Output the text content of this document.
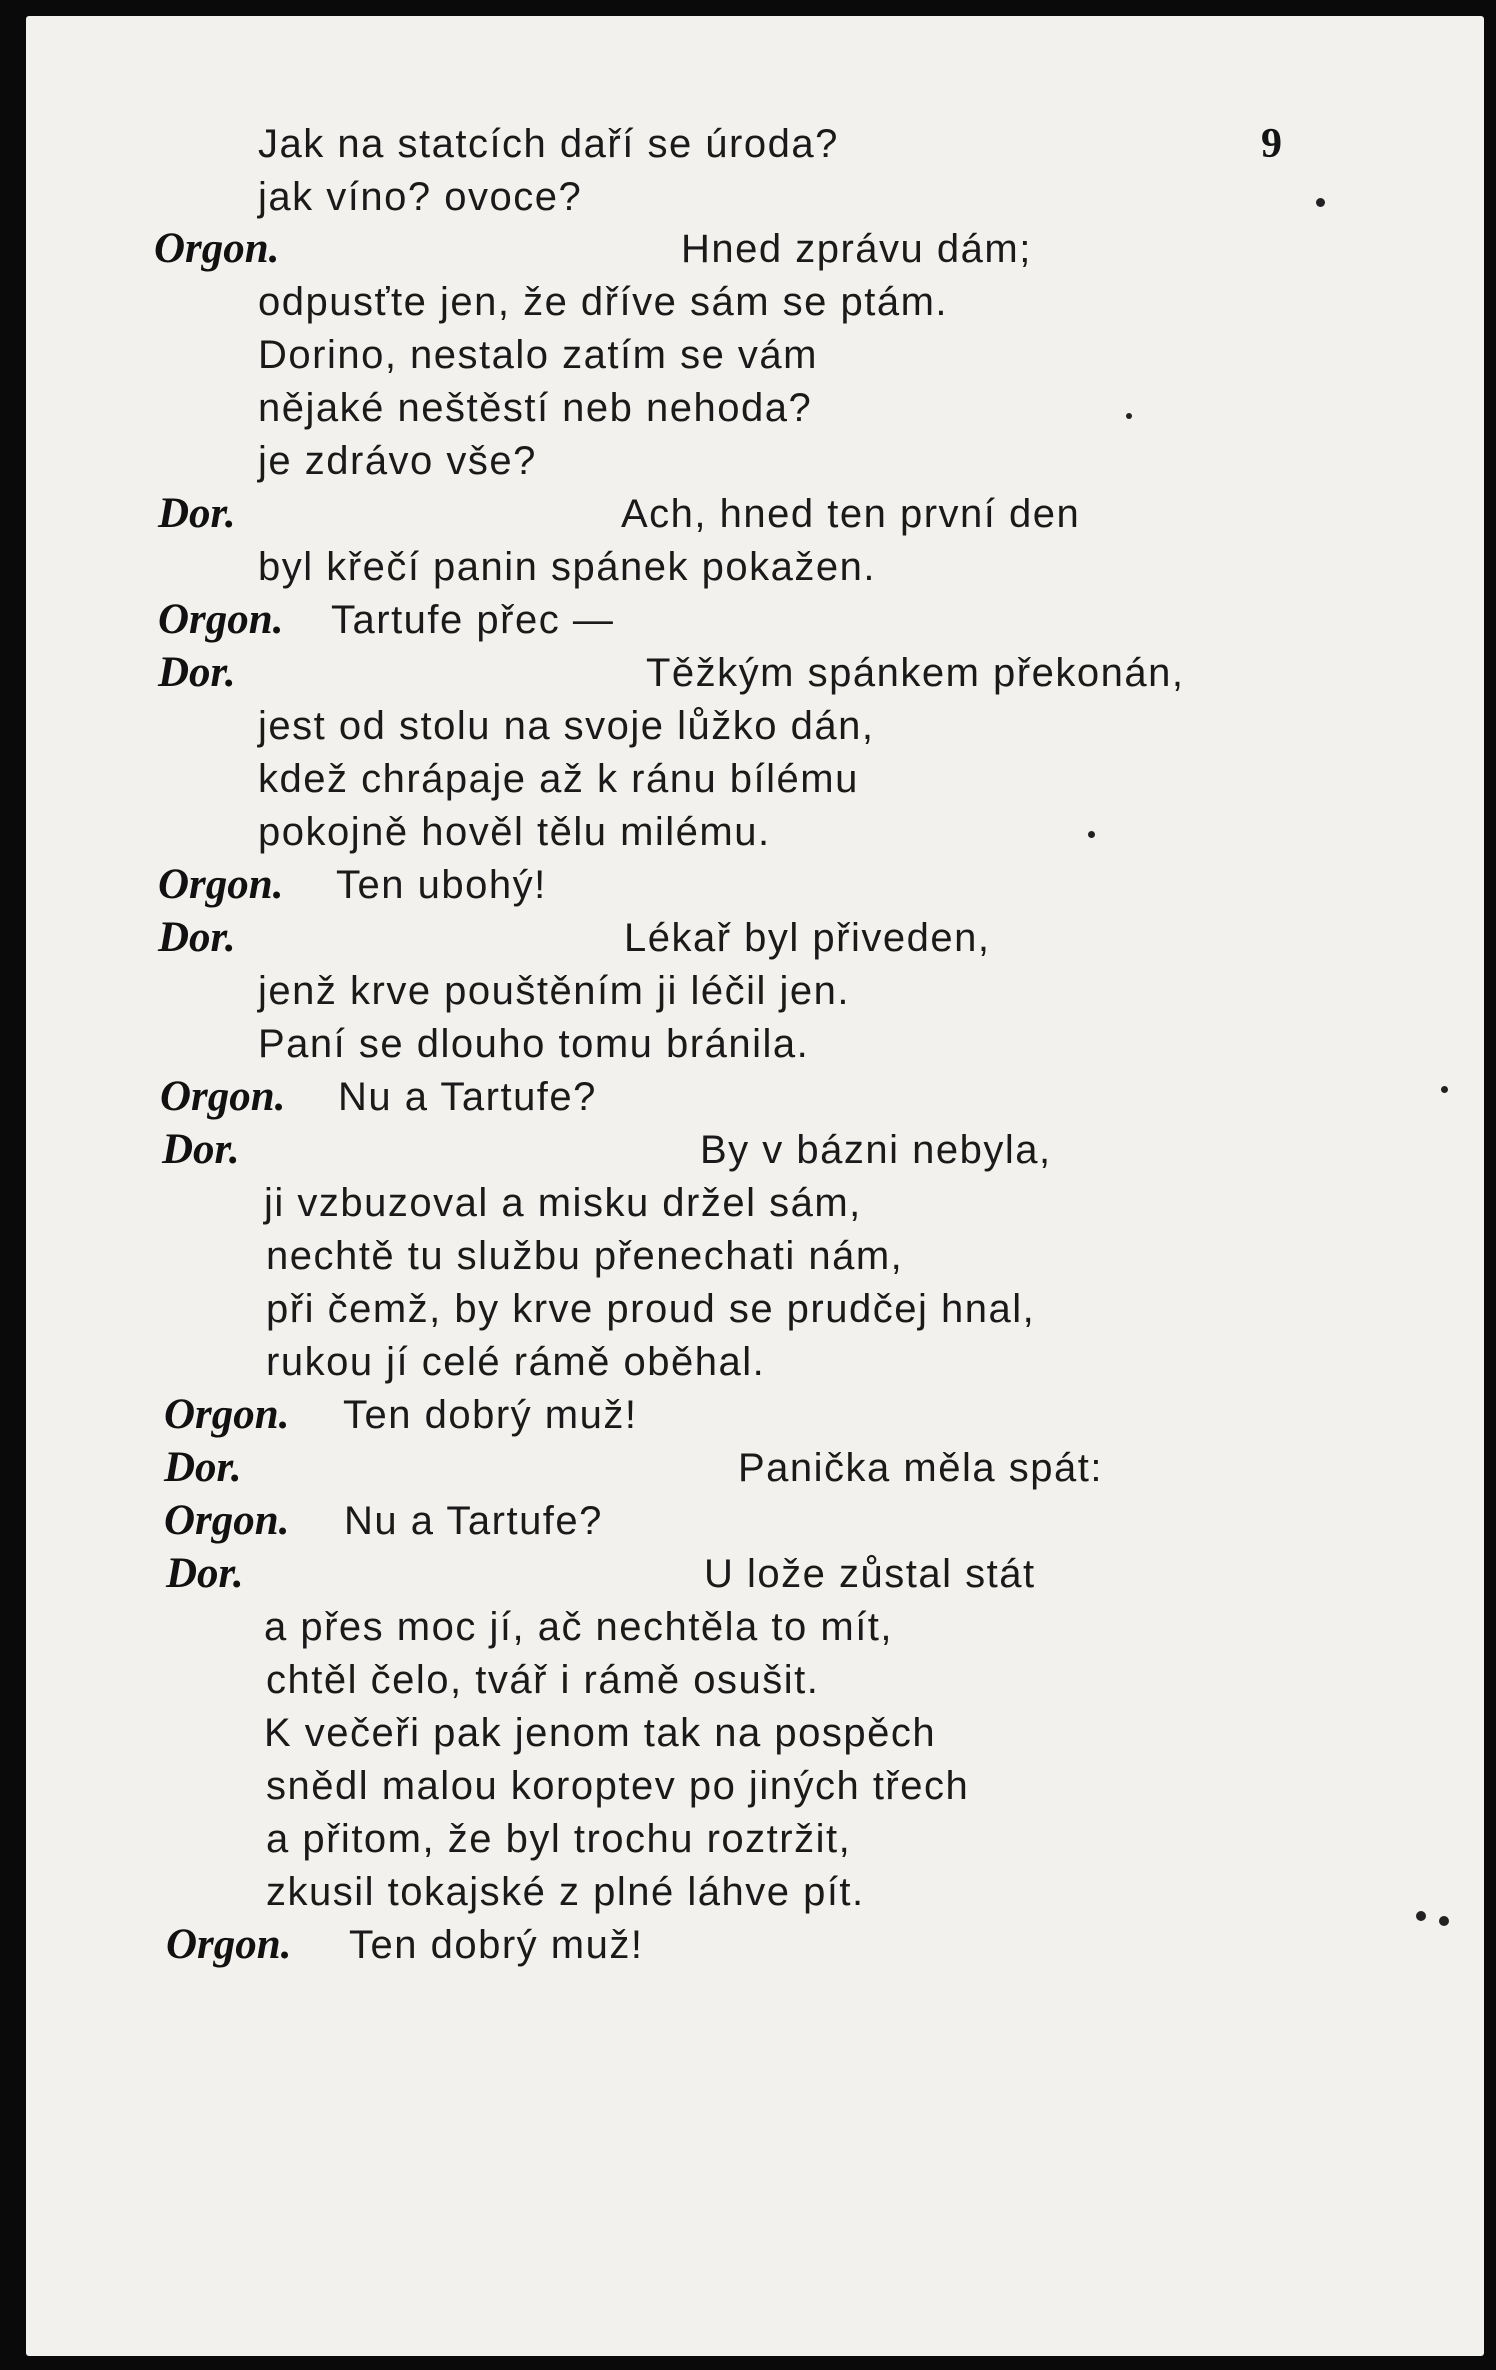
9
Jak na statcích daří se úroda?
jak víno? ovoce?
Orgon.	Hned zprávu dám;
odpusťte jen, že dříve sám se ptám.
Dorino, nestalo zatím se vám
nějaké neštěstí neb nehoda?
je zdrávo vše?
Dor.	Ach, hned ten první den
byl křečí panin spánek pokažen.
Orgon. Tartufe přec —
Dor.	Těžkým spánkem překonán,
jest od stolu na svoje lůžko dán,
kdež chrápaje až k ránu bílému
pokojně hověl tělu milému.
Orgon. Ten ubohý!
Dor.	Lékař byl přiveden,
jenž krve pouštěním ji léčil jen.
Paní se dlouho tomu bránila.
Orgon. Nu a Tartufe?
Dor.	By v bázni nebyla,
ji vzbuzoval a misku držel sám,
nechtě tu službu přenechati nám,
při čemž, by krve proud se prudčej hnal,
rukou jí celé rámě oběhal.
Orgon. Ten dobrý muž!
Dor.	Panička měla spát:
Orgon. Nu a Tartufe?
Dor.	U lože zůstal stát
a přes moc jí, ač nechtěla to mít,
chtěl čelo, tvář i rámě osušit.
K večeři pak jenom tak na pospěch
snědl malou koroptev po jiných třech
a přitom, že byl trochu roztržit,
zkusil tokajské z plné láhve pít.
Orgon. Ten dobrý muž!
